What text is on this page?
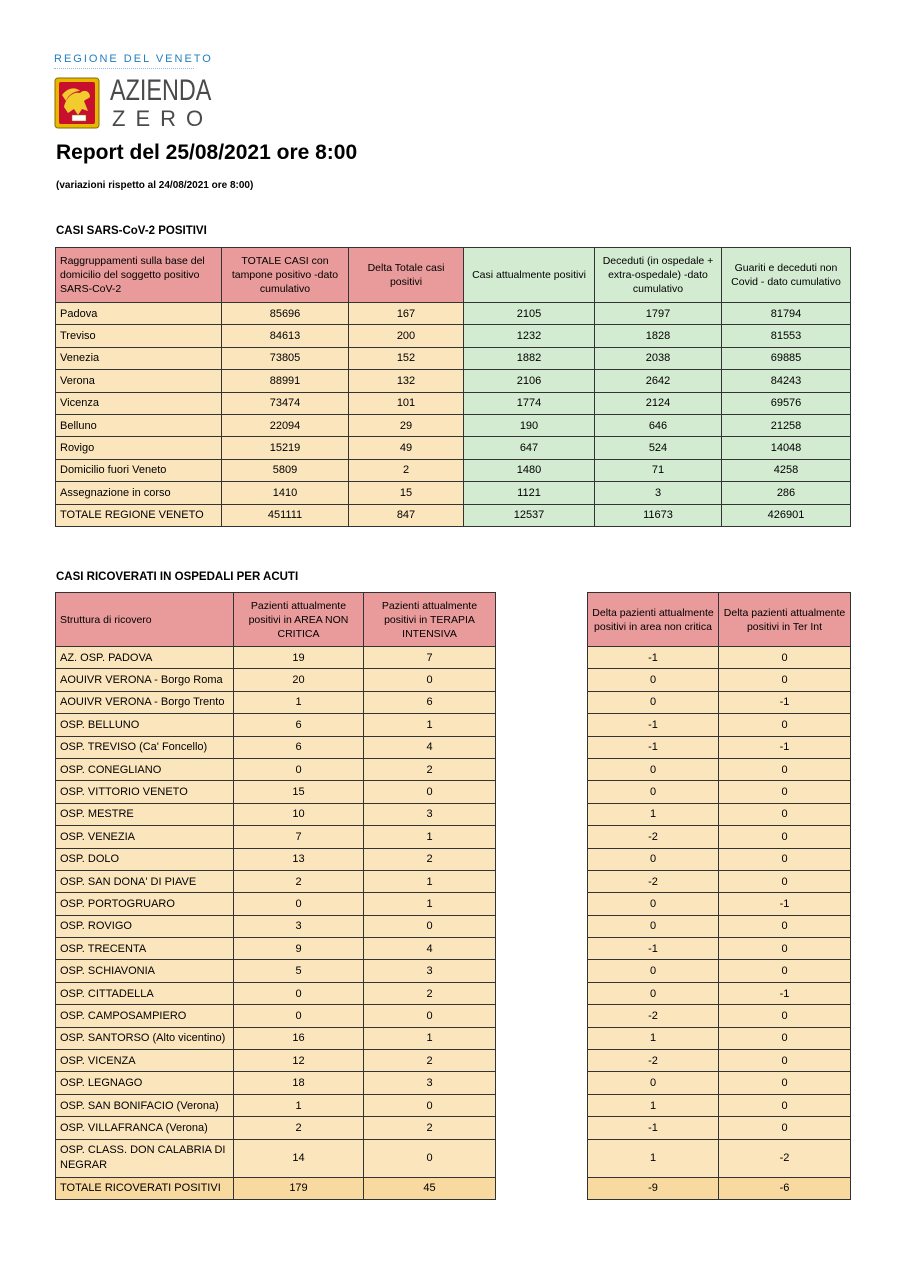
REGIONE DEL VENETO
AZIENDA
ZERO
Report del 25/08/2021 ore 8:00
(variazioni rispetto al 24/08/2021 ore 8:00)
CASI SARS-CoV-2 POSITIVI
Raggruppamenti sulla base del domicilio del soggetto positivo SARS-CoV-2	TOTALE CASI con tampone positivo -dato cumulativo	Delta Totale casi positivi	Casi attualmente positivi	Deceduti (in ospedale + extra-ospedale) -dato cumulativo	Guariti e deceduti non Covid - dato cumulativo
Padova	85696	167	2105	1797	81794
Treviso	84613	200	1232	1828	81553
Venezia	73805	152	1882	2038	69885
Verona	88991	132	2106	2642	84243
Vicenza	73474	101	1774	2124	69576
Belluno	22094	29	190	646	21258
Rovigo	15219	49	647	524	14048
Domicilio fuori Veneto	5809	2	1480	71	4258
Assegnazione in corso	1410	15	1121	3	286
TOTALE REGIONE VENETO	451111	847	12537	11673	426901
CASI RICOVERATI IN OSPEDALI PER ACUTI
Struttura di ricovero	Pazienti attualmente positivi in AREA NON CRITICA	Pazienti attualmente positivi in TERAPIA INTENSIVA
AZ. OSP. PADOVA	19	7
AOUIVR VERONA - Borgo Roma	20	0
AOUIVR VERONA - Borgo Trento	1	6
OSP. BELLUNO	6	1
OSP. TREVISO (Ca' Foncello)	6	4
OSP. CONEGLIANO	0	2
OSP. VITTORIO VENETO	15	0
OSP. MESTRE	10	3
OSP. VENEZIA	7	1
OSP. DOLO	13	2
OSP. SAN DONA' DI PIAVE	2	1
OSP. PORTOGRUARO	0	1
OSP. ROVIGO	3	0
OSP. TRECENTA	9	4
OSP. SCHIAVONIA	5	3
OSP. CITTADELLA	0	2
OSP. CAMPOSAMPIERO	0	0
OSP. SANTORSO (Alto vicentino)	16	1
OSP. VICENZA	12	2
OSP. LEGNAGO	18	3
OSP. SAN BONIFACIO (Verona)	1	0
OSP. VILLAFRANCA (Verona)	2	2
OSP. CLASS. DON CALABRIA DI NEGRAR	14	0
TOTALE RICOVERATI POSITIVI	179	45
Delta pazienti attualmente positivi in area non critica	Delta pazienti attualmente positivi in Ter Int
-1	0
0	0
0	-1
-1	0
-1	-1
0	0
0	0
1	0
-2	0
0	0
-2	0
0	-1
0	0
-1	0
0	0
0	-1
-2	0
1	0
-2	0
0	0
1	0
-1	0
1	-2
-9	-6
